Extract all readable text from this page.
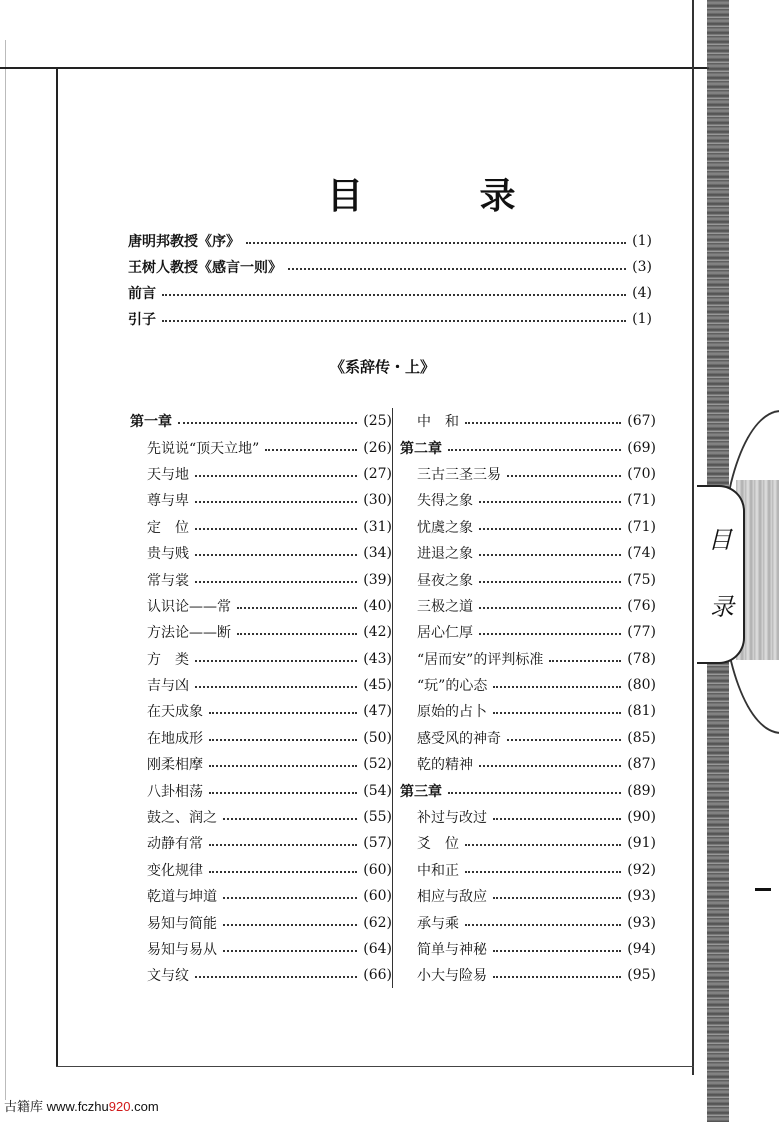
目
录
目 录
唐明邦教授《序》	(1)
王树人教授《感言一则》	(3)
前言	(4)
引子	(1)
《系辞传・上》
第一章	(25)
先说说“顶天立地”	(26)
天与地	(27)
尊与卑	(30)
定　位	(31)
贵与贱	(34)
常与裳	(39)
认识论——常	(40)
方法论——断	(42)
方　类	(43)
吉与凶	(45)
在天成象	(47)
在地成形	(50)
刚柔相摩	(52)
八卦相荡	(54)
鼓之、润之	(55)
动静有常	(57)
变化规律	(60)
乾道与坤道	(60)
易知与简能	(62)
易知与易从	(64)
文与纹	(66)
中　和	(67)
第二章	(69)
三古三圣三易	(70)
失得之象	(71)
忧虞之象	(71)
进退之象	(74)
昼夜之象	(75)
三极之道	(76)
居心仁厚	(77)
“居而安”的评判标准	(78)
“玩”的心态	(80)
原始的占卜	(81)
感受风的神奇	(85)
乾的精神	(87)
第三章	(89)
补过与改过	(90)
爻　位	(91)
中和正	(92)
相应与敌应	(93)
承与乘	(93)
简单与神秘	(94)
小大与险易	(95)
古籍库 www.fczhu920.com
